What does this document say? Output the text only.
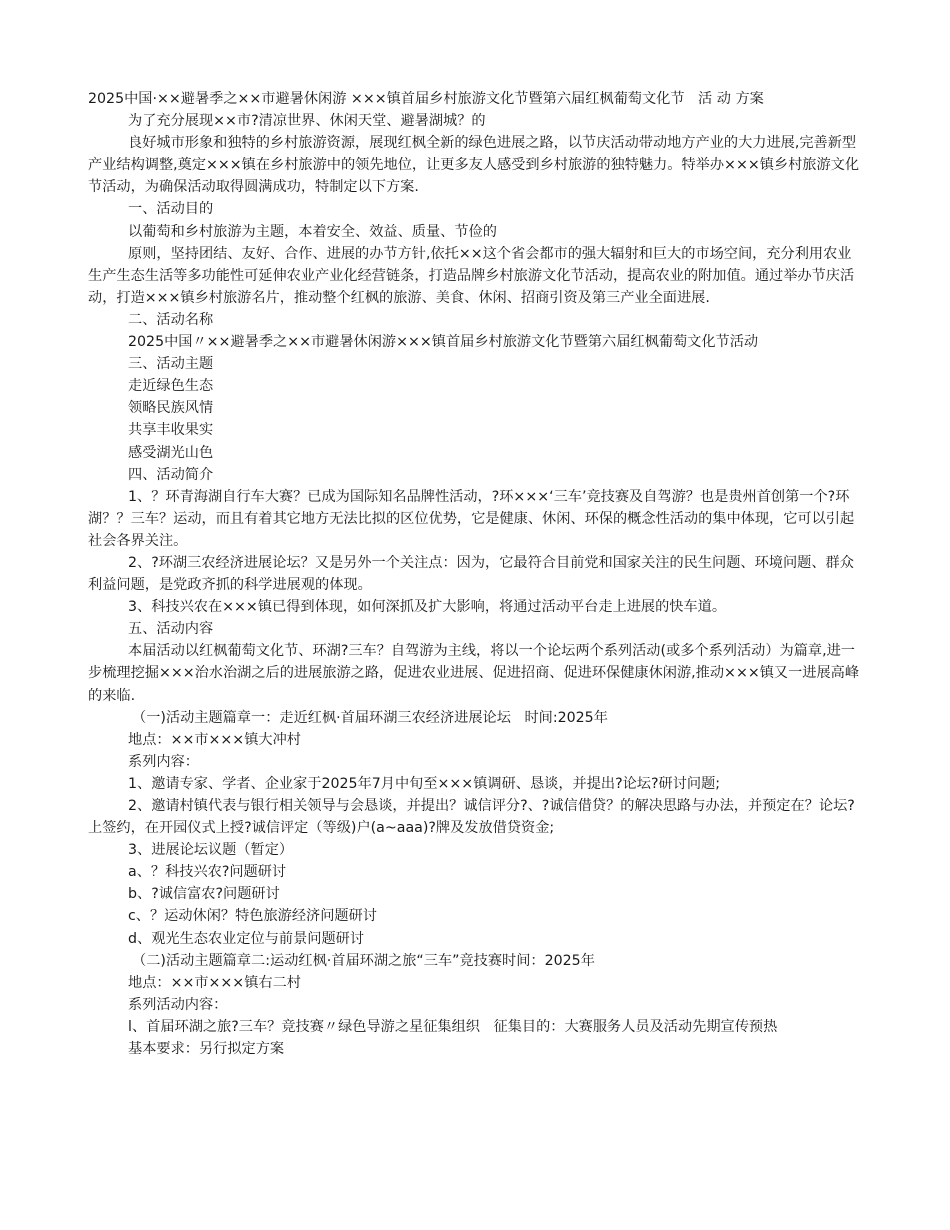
2025中国·××避暑季之××市避暑休闲游 ×××镇首届乡村旅游文化节暨第六届红枫葡萄文化节   活 动 方案

为了充分展现××市?清凉世界、休闲天堂、避暑湖城？的

良好城市形象和独特的乡村旅游资源，展现红枫全新的绿色进展之路，以节庆活动带动地方产业的大力进展,完善新型产业结构调整,奠定×××镇在乡村旅游中的领先地位，让更多友人感受到乡村旅游的独特魅力。特举办×××镇乡村旅游文化节活动，为确保活动取得圆满成功，特制定以下方案.

一、活动目的

以葡萄和乡村旅游为主题，本着安全、效益、质量、节俭的

原则，坚持团结、友好、合作、进展的办节方针,依托××这个省会都市的强大辐射和巨大的市场空间，充分利用农业生产生态生活等多功能性可延伸农业产业化经营链条，打造品牌乡村旅游文化节活动，提高农业的附加值。通过举办节庆活动，打造×××镇乡村旅游名片，推动整个红枫的旅游、美食、休闲、招商引资及第三产业全面进展.

二、活动名称

2025中国〃××避暑季之××市避暑休闲游×××镇首届乡村旅游文化节暨第六届红枫葡萄文化节活动

三、活动主题

走近绿色生态

领略民族风情

共享丰收果实

感受湖光山色

四、活动简介

1、？环青海湖自行车大赛？已成为国际知名品牌性活动，?环×××‘三车’竞技赛及自驾游？也是贵州首创第一个?环湖？？三车？运动，而且有着其它地方无法比拟的区位优势，它是健康、休闲、环保的概念性活动的集中体现，它可以引起社会各界关注。

2、?环湖三农经济进展论坛？又是另外一个关注点：因为，它最符合目前党和国家关注的民生问题、环境问题、群众利益问题，是党政齐抓的科学进展观的体现。

3、科技兴农在×××镇已得到体现，如何深抓及扩大影响，将通过活动平台走上进展的快车道。

五、活动内容

本届活动以红枫葡萄文化节、环湖?三车？自驾游为主线，将以一个论坛两个系列活动(或多个系列活动）为篇章,进一步梳理挖掘×××治水治湖之后的进展旅游之路，促进农业进展、促进招商、促进环保健康休闲游,推动×××镇又一进展高峰的来临.

（一)活动主题篇章一：走近红枫·首届环湖三农经济进展论坛   时间:2025年

地点：××市×××镇大冲村

系列内容：

1、邀请专家、学者、企业家于2025年7月中旬至×××镇调研、恳谈，并提出?论坛?研讨问题;

2、邀请村镇代表与银行相关领导与会恳谈，并提出？诚信评分?、?诚信借贷？的解决思路与办法，并预定在？论坛?上签约，在开园仪式上授?诚信评定（等级)户(a~aaa)?牌及发放借贷资金;

3、进展论坛议题（暂定）

a、？科技兴农?问题研讨

b、?诚信富农?问题研讨

c、？运动休闲？特色旅游经济问题研讨

d、观光生态农业定位与前景问题研讨

（二)活动主题篇章二:运动红枫·首届环湖之旅“三车”竞技赛时间：2025年

地点：××市×××镇右二村

系列活动内容：

l、首届环湖之旅?三车？竞技赛〃绿色导游之星征集组织   征集目的：大赛服务人员及活动先期宣传预热

基本要求：另行拟定方案
